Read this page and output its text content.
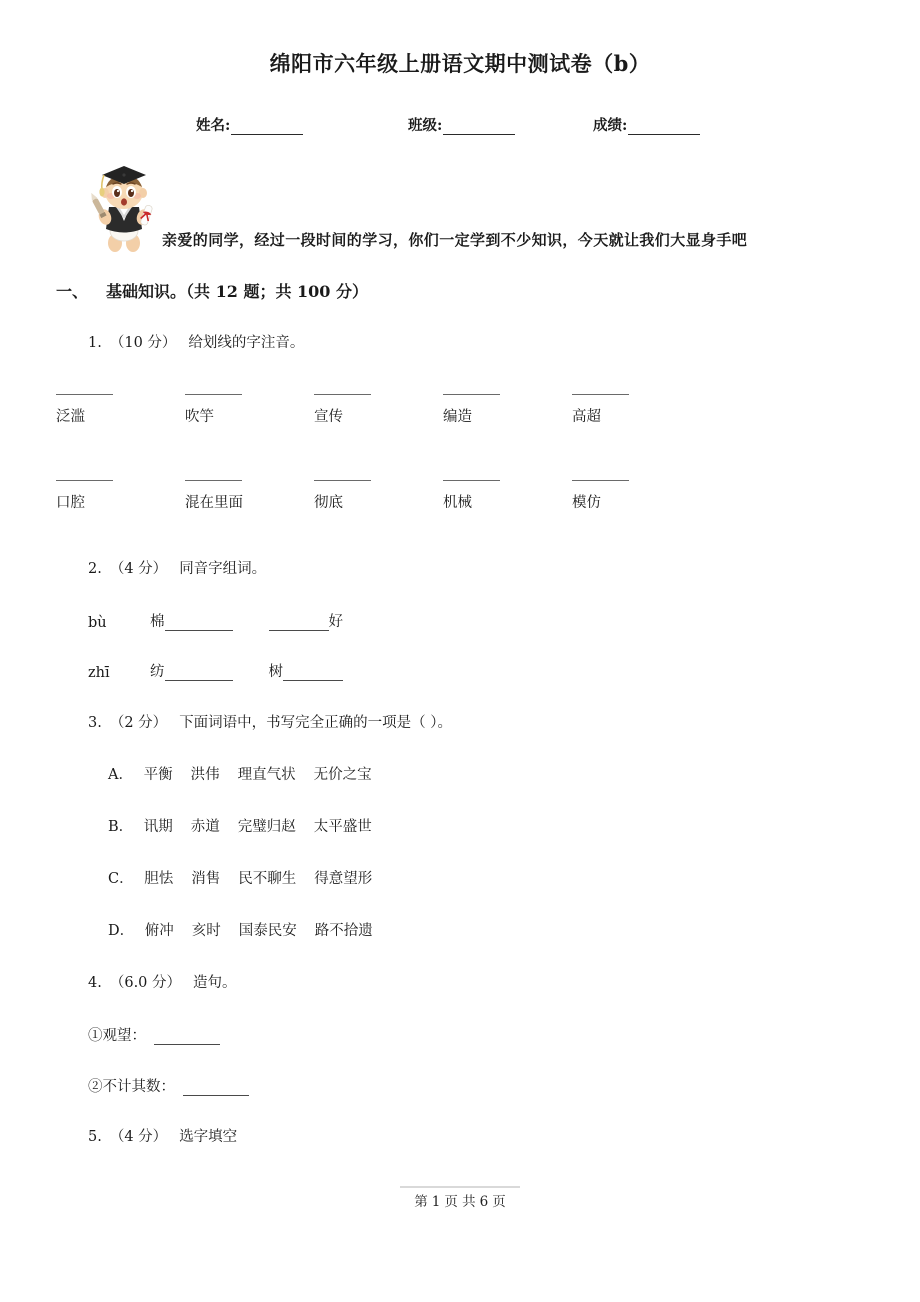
绵阳市六年级上册语文期中测试卷（b）
姓名:	班级:	成绩:
亲爱的同学，经过一段时间的学习，你们一定学到不少知识，今天就让我们大显身手吧
一、 基础知识。（共 12 题；共 100 分）
1. （10 分） 给划线的字注音。
泛滥	吹竽	宣传	编造	高超
口腔	混在里面	彻底	机械	模仿
2. （4 分） 同音字组词。
bù	棉	好
zhī	纺	树
3. （2 分） 下面词语中，书写完全正确的一项是（ ）。
A． 平衡 洪伟 理直气状 无价之宝
B． 讯期 赤道 完璧归赵 太平盛世
C． 胆怯 消售 民不聊生 得意望形
D． 俯冲 亥时 国泰民安 路不拾遗
4. （6.0 分） 造句。
①观望：
②不计其数：
5. （4 分） 选字填空
第 1 页 共 6 页
